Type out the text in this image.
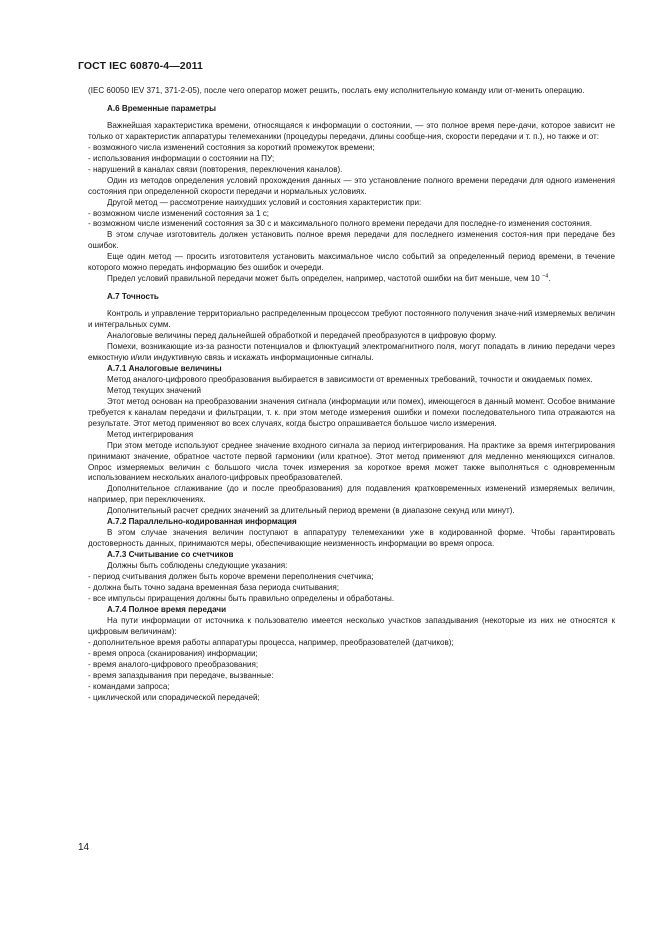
ГОСТ IEC 60870-4—2011

(IEC 60050 IEV 371, 371-2-05), после чего оператор может решить, послать ему исполнительную команду или от-менить операцию.

А.6 Временные параметры

Важнейшая характеристика времени, относящаяся к информации о состоянии, — это полное время пере-дачи, которое зависит не только от характеристик аппаратуры телемеханики (процедуры передачи, длины сообще-ния, скорости передачи и т. п.), но также и от:

- возможного числа изменений состояния за короткий промежуток времени;

- использования информации о состоянии на ПУ;

- нарушений в каналах связи (повторения, переключения каналов).

Один из методов определения условий прохождения данных — это установление полного времени передачи для одного изменения состояния при определенной скорости передачи и нормальных условиях.

Другой метод — рассмотрение наихудших условий и состояния характеристик при:

- возможном числе изменений состояния за 1 с;

- возможном числе изменений состояния за 30 с и максимального полного времени передачи для последне-го изменения состояния.

В этом случае изготовитель должен установить полное время передачи для последнего изменения состоя-ния при передаче без ошибок.

Еще один метод — просить изготовителя установить максимальное число событий за определенный период времени, в течение которого можно передать информацию без ошибок и очереди.

Предел условий правильной передачи может быть определен, например, частотой ошибки на бит меньше, чем 10 $^{-4}$.

А.7 Точность

Контроль и управление территориально распределенным процессом требуют постоянного получения значе-ний измеряемых величин и интегральных сумм.

Аналоговые величины перед дальнейшей обработкой и передачей преобразуются в цифровую форму.

Помехи, возникающие из-за разности потенциалов и флюктуаций электромагнитного поля, могут попадать в линию передачи через емкостную и/или индуктивную связь и искажать информационные сигналы.

А.7.1 Аналоговые величины

Метод аналого-цифрового преобразования выбирается в зависимости от временных требований, точности и ожидаемых помех.

Метод текущих значений

Этот метод основан на преобразовании значения сигнала (информации или помех), имеющегося в данный момент. Особое внимание требуется к каналам передачи и фильтрации, т. к. при этом методе измерения ошибки и помехи последовательного типа отражаются на результате. Этот метод применяют во всех случаях, когда быстро опрашивается большое число измерения.

Метод интегрирования

При этом методе используют среднее значение входного сигнала за период интегрирования. На практике за время интегрирования принимают значение, обратное частоте первой гармоники (или кратное). Этот метод применяют для медленно меняющихся сигналов. Опрос измеряемых величин с большого числа точек измерения за короткое время может также выполняться с одновременным использованием нескольких аналого-цифровых преобразователей.

Дополнительное сглаживание (до и после преобразования) для подавления кратковременных изменений измеряемых величин, например, при переключениях.

Дополнительный расчет средних значений за длительный период времени (в диапазоне секунд или минут).

А.7.2 Параллельно-кодированная информация

В этом случае значения величин поступают в аппаратуру телемеханики уже в кодированной форме. Чтобы гарантировать достоверность данных, принимаются меры, обеспечивающие неизменность информации во время опроса.

А.7.3 Считывание со счетчиков

Должны быть соблюдены следующие указания:

- период считывания должен быть короче времени переполнения счетчика;

- должна быть точно задана временная база периода считывания;

- все импульсы приращения должны быть правильно определены и обработаны.

А.7.4 Полное время передачи

На пути информации от источника к пользователю имеется несколько участков запаздывания (некоторые из них не относятся к цифровым величинам):

- дополнительное время работы аппаратуры процесса, например, преобразователей (датчиков);

- время опроса (сканирования) информации;

- время аналого-цифрового преобразования;

- время запаздывания при передаче, вызванные:

- командами запроса;

- циклической или спорадической передачей;

14
